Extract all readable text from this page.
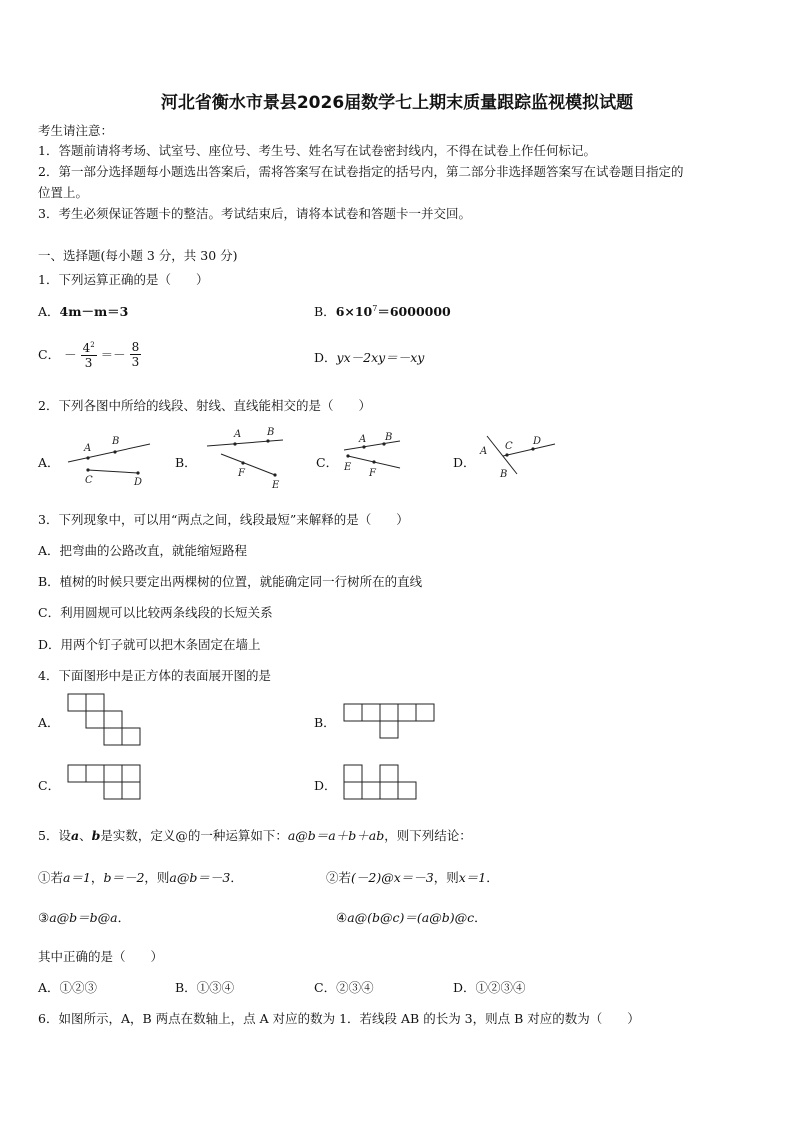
河北省衡水市景县2026届数学七上期末质量跟踪监视模拟试题
考生请注意：
1．答题前请将考场、试室号、座位号、考生号、姓名写在试卷密封线内，不得在试卷上作任何标记。
2．第一部分选择题每小题选出答案后，需将答案写在试卷指定的括号内，第二部分非选择题答案写在试卷题目指定的
位置上。
3．考生必须保证答题卡的整洁。考试结束后，请将本试卷和答题卡一并交回。
一、选择题(每小题 3 分，共 30 分)
1．下列运算正确的是（　　）
A．4m－m＝3	B．$6\times 10^7=6000000$
C． － $\frac{4^2}{3} =- \frac{8}{3}$	D．yx－2xy＝－xy
2．下列各图中所给的线段、射线、直线能相交的是（　　）
A．
A
B
C	D
B．
A	B
F
E
C．
A B
E
F
D．
A C D
B
3．下列现象中，可以用“两点之间，线段最短”来解释的是（　　）
A．把弯曲的公路改直，就能缩短路程
B．植树的时候只要定出两棵树的位置，就能确定同一行树所在的直线
C．利用圆规可以比较两条线段的长短关系
D．用两个钉子就可以把木条固定在墙上
4．下面图形中是正方体的表面展开图的是
A．	B．
C．	D．
5．设a、b是实数，定义@的一种运算如下：a@b＝a＋b＋ab，则下列结论：
①若a＝1，b＝－2，则a@b＝－3．	②若(－2)@x＝－3，则x＝1．
③a@b＝b@a．	④a@(b@c)＝(a@b)@c．
其中正确的是（　　）
A．①②③	B．①③④	C．②③④	D．①②③④
6．如图所示，A，B 两点在数轴上，点 A 对应的数为 1．若线段 AB 的长为 3，则点 B 对应的数为（　　）
